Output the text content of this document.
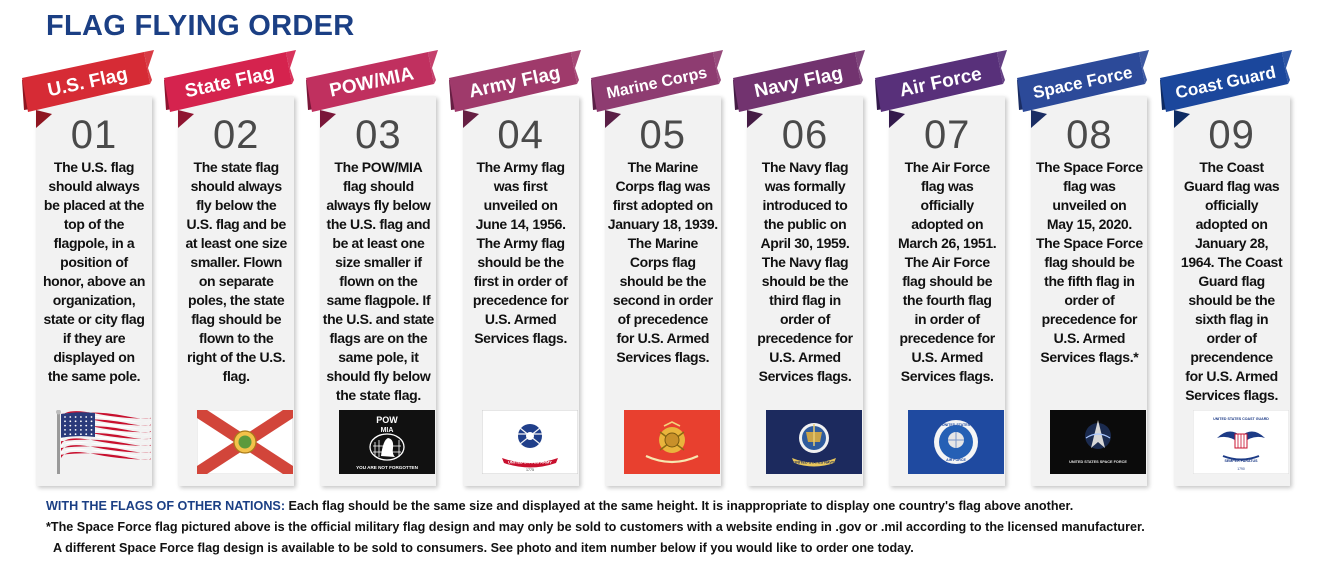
FLAG FLYING ORDER
U.S. Flag
01
The U.S. flag
should always
be placed at the
top of the
flagpole, in a
position of
honor, above an
organization,
state or city flag
if they are
displayed on
the same pole.
State Flag
02
The state flag
should always
fly below the
U.S. flag and be
at least one size
smaller. Flown
on separate
poles, the state
flag should be
flown to the
right of the U.S.
flag.
POW/MIA
03
The POW/MIA
flag should
always fly below
the U.S. flag and
be at least one
size smaller if
flown on the
same flagpole. If
the U.S. and state
flags are on the
same pole, it
should fly below
the state flag.
POW
MIA
YOU ARE NOT FORGOTTEN
Army Flag
04
The Army flag
was first
unveiled on
June 14, 1956.
The Army flag
should be the
first in order of
precedence for
U.S. Armed
Services flags.
UNITED STATES ARMY
1775
Marine Corps
05
The Marine
Corps flag was
first adopted on
January 18, 1939.
The Marine
Corps flag
should be the
second in order
of precedence
for U.S. Armed
Services flags.
Navy Flag
06
The Navy flag
was formally
introduced to
the public on
April 30, 1959.
The Navy flag
should be the
third flag in
order of
precedence for
U.S. Armed
Services flags.
UNITED STATES NAVY
Air Force
07
The Air Force
flag was
officially
adopted on
March 26, 1951.
The Air Force
flag should be
the fourth flag
in order of
precedence for
U.S. Armed
Services flags.
UNITED STATES
AIR FORCE
Space Force
08
The Space Force
flag was
unveiled on
May 15, 2020.
The Space Force
flag should be
the fifth flag in
order of
precedence for
U.S. Armed
Services flags.*
UNITED STATES SPACE FORCE
Coast Guard
09
The Coast
Guard flag was
officially
adopted on
January 28,
1964. The Coast
Guard flag
should be the
sixth flag in
order of
precendence
for U.S. Armed
Services flags.
UNITED STATES COAST GUARD
SEMPER PARATUS
1790

WITH THE FLAGS OF OTHER NATIONS: Each flag should be the same size and displayed at the same height. It is inappropriate to display one country's flag above another.

*The Space Force flag pictured above is the official military flag design and may only be sold to customers with a website ending in .gov or .mil according to the licensed manufacturer.

A different Space Force flag design is available to be sold to consumers. See photo and item number below if you would like to order one today.
